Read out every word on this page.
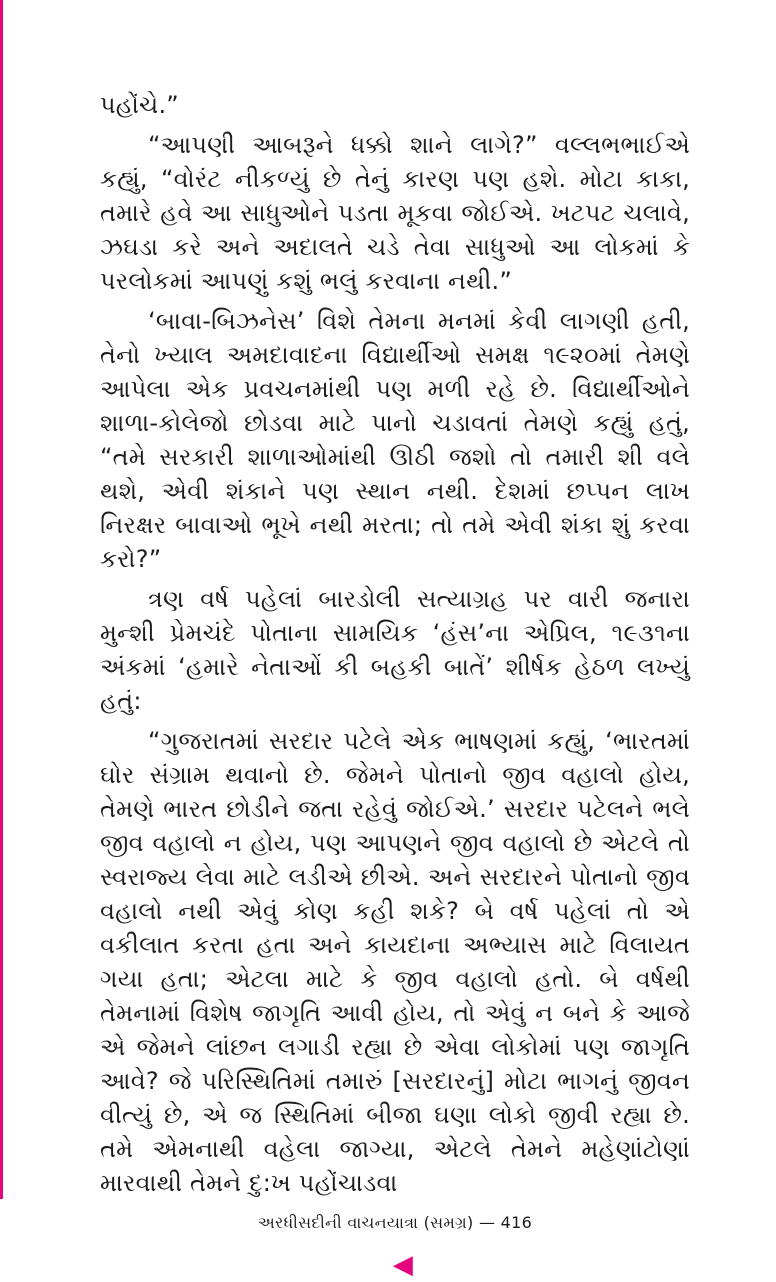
પહોંચે.”

“આપણી આબરૂને ધક્કો શાને લાગે?” વલ્લભભાઈએ કહ્યું, “વોરંટ નીકળ્યું છે તેનું કારણ પણ હશે. મોટા કાકા, તમારે હવે આ સાધુઓને પડતા મૂકવા જોઈએ. ખટપટ ચલાવે, ઝઘડા કરે અને અદાલતે ચડે તેવા સાધુઓ આ લોકમાં કે પરલોકમાં આપણું કશું ભલું કરવાના નથી.”

‘બાવા-બિઝનેસ’ વિશે તેમના મનમાં કેવી લાગણી હતી, તેનો ખ્યાલ અમદાવાદના વિદ્યાર્થીઓ સમક્ષ ૧૯૨૦માં તેમણે આપેલા એક પ્રવચનમાંથી પણ મળી રહે છે. વિદ્યાર્થીઓને શાળા-કોલેજો છોડવા માટે પાનો ચડાવતાં તેમણે કહ્યું હતું, “તમે સરકારી શાળાઓમાંથી ઊઠી જશો તો તમારી શી વલે થશે, એવી શંકાને પણ સ્થાન નથી. દેશમાં છપ્પન લાખ નિરક્ષર બાવાઓ ભૂખે નથી મરતા; તો તમે એવી શંકા શું કરવા કરો?”

ત્રણ વર્ષ પહેલાં બારડોલી સત્યાગ્રહ પર વારી જનારા મુન્શી પ્રેમચંદે પોતાના સામયિક ‘હંસ’ના એપ્રિલ, ૧૯૩૧ના અંકમાં ‘હમારે નેતાઓં કી બહકી બાતેં’ શીર્ષક હેઠળ લખ્યું હતું:

“ગુજરાતમાં સરદાર પટેલે એક ભાષણમાં કહ્યું, ‘ભારતમાં ઘોર સંગ્રામ થવાનો છે. જેમને પોતાનો જીવ વહાલો હોય, તેમણે ભારત છોડીને જતા રહેવું જોઈએ.’ સરદાર પટેલને ભલે જીવ વહાલો ન હોય, પણ આપણને જીવ વહાલો છે એટલે તો સ્વરાજ્ય લેવા માટે લડીએ છીએ. અને સરદારને પોતાનો જીવ વહાલો નથી એવું કોણ કહી શકે? બે વર્ષ પહેલાં તો એ વકીલાત કરતા હતા અને કાયદાના અભ્યાસ માટે વિલાયત ગયા હતા; એટલા માટે કે જીવ વહાલો હતો. બે વર્ષથી તેમનામાં વિશેષ જાગૃતિ આવી હોય, તો એવું ન બને કે આજે એ જેમને લાંછન લગાડી રહ્યા છે એવા લોકોમાં પણ જાગૃતિ આવે? જે પરિસ્થિતિમાં તમારું [સરદારનું] મોટા ભાગનું જીવન વીત્યું છે, એ જ સ્થિતિમાં બીજા ઘણા લોકો જીવી રહ્યા છે. તમે એમનાથી વહેલા જાગ્યા, એટલે તેમને મહેણાંટોણાં મારવાથી તેમને દુ:ખ પહોંચાડવા

અરધીસદીની વાચનયાત્રા (સમગ્ર) — 416
◀
